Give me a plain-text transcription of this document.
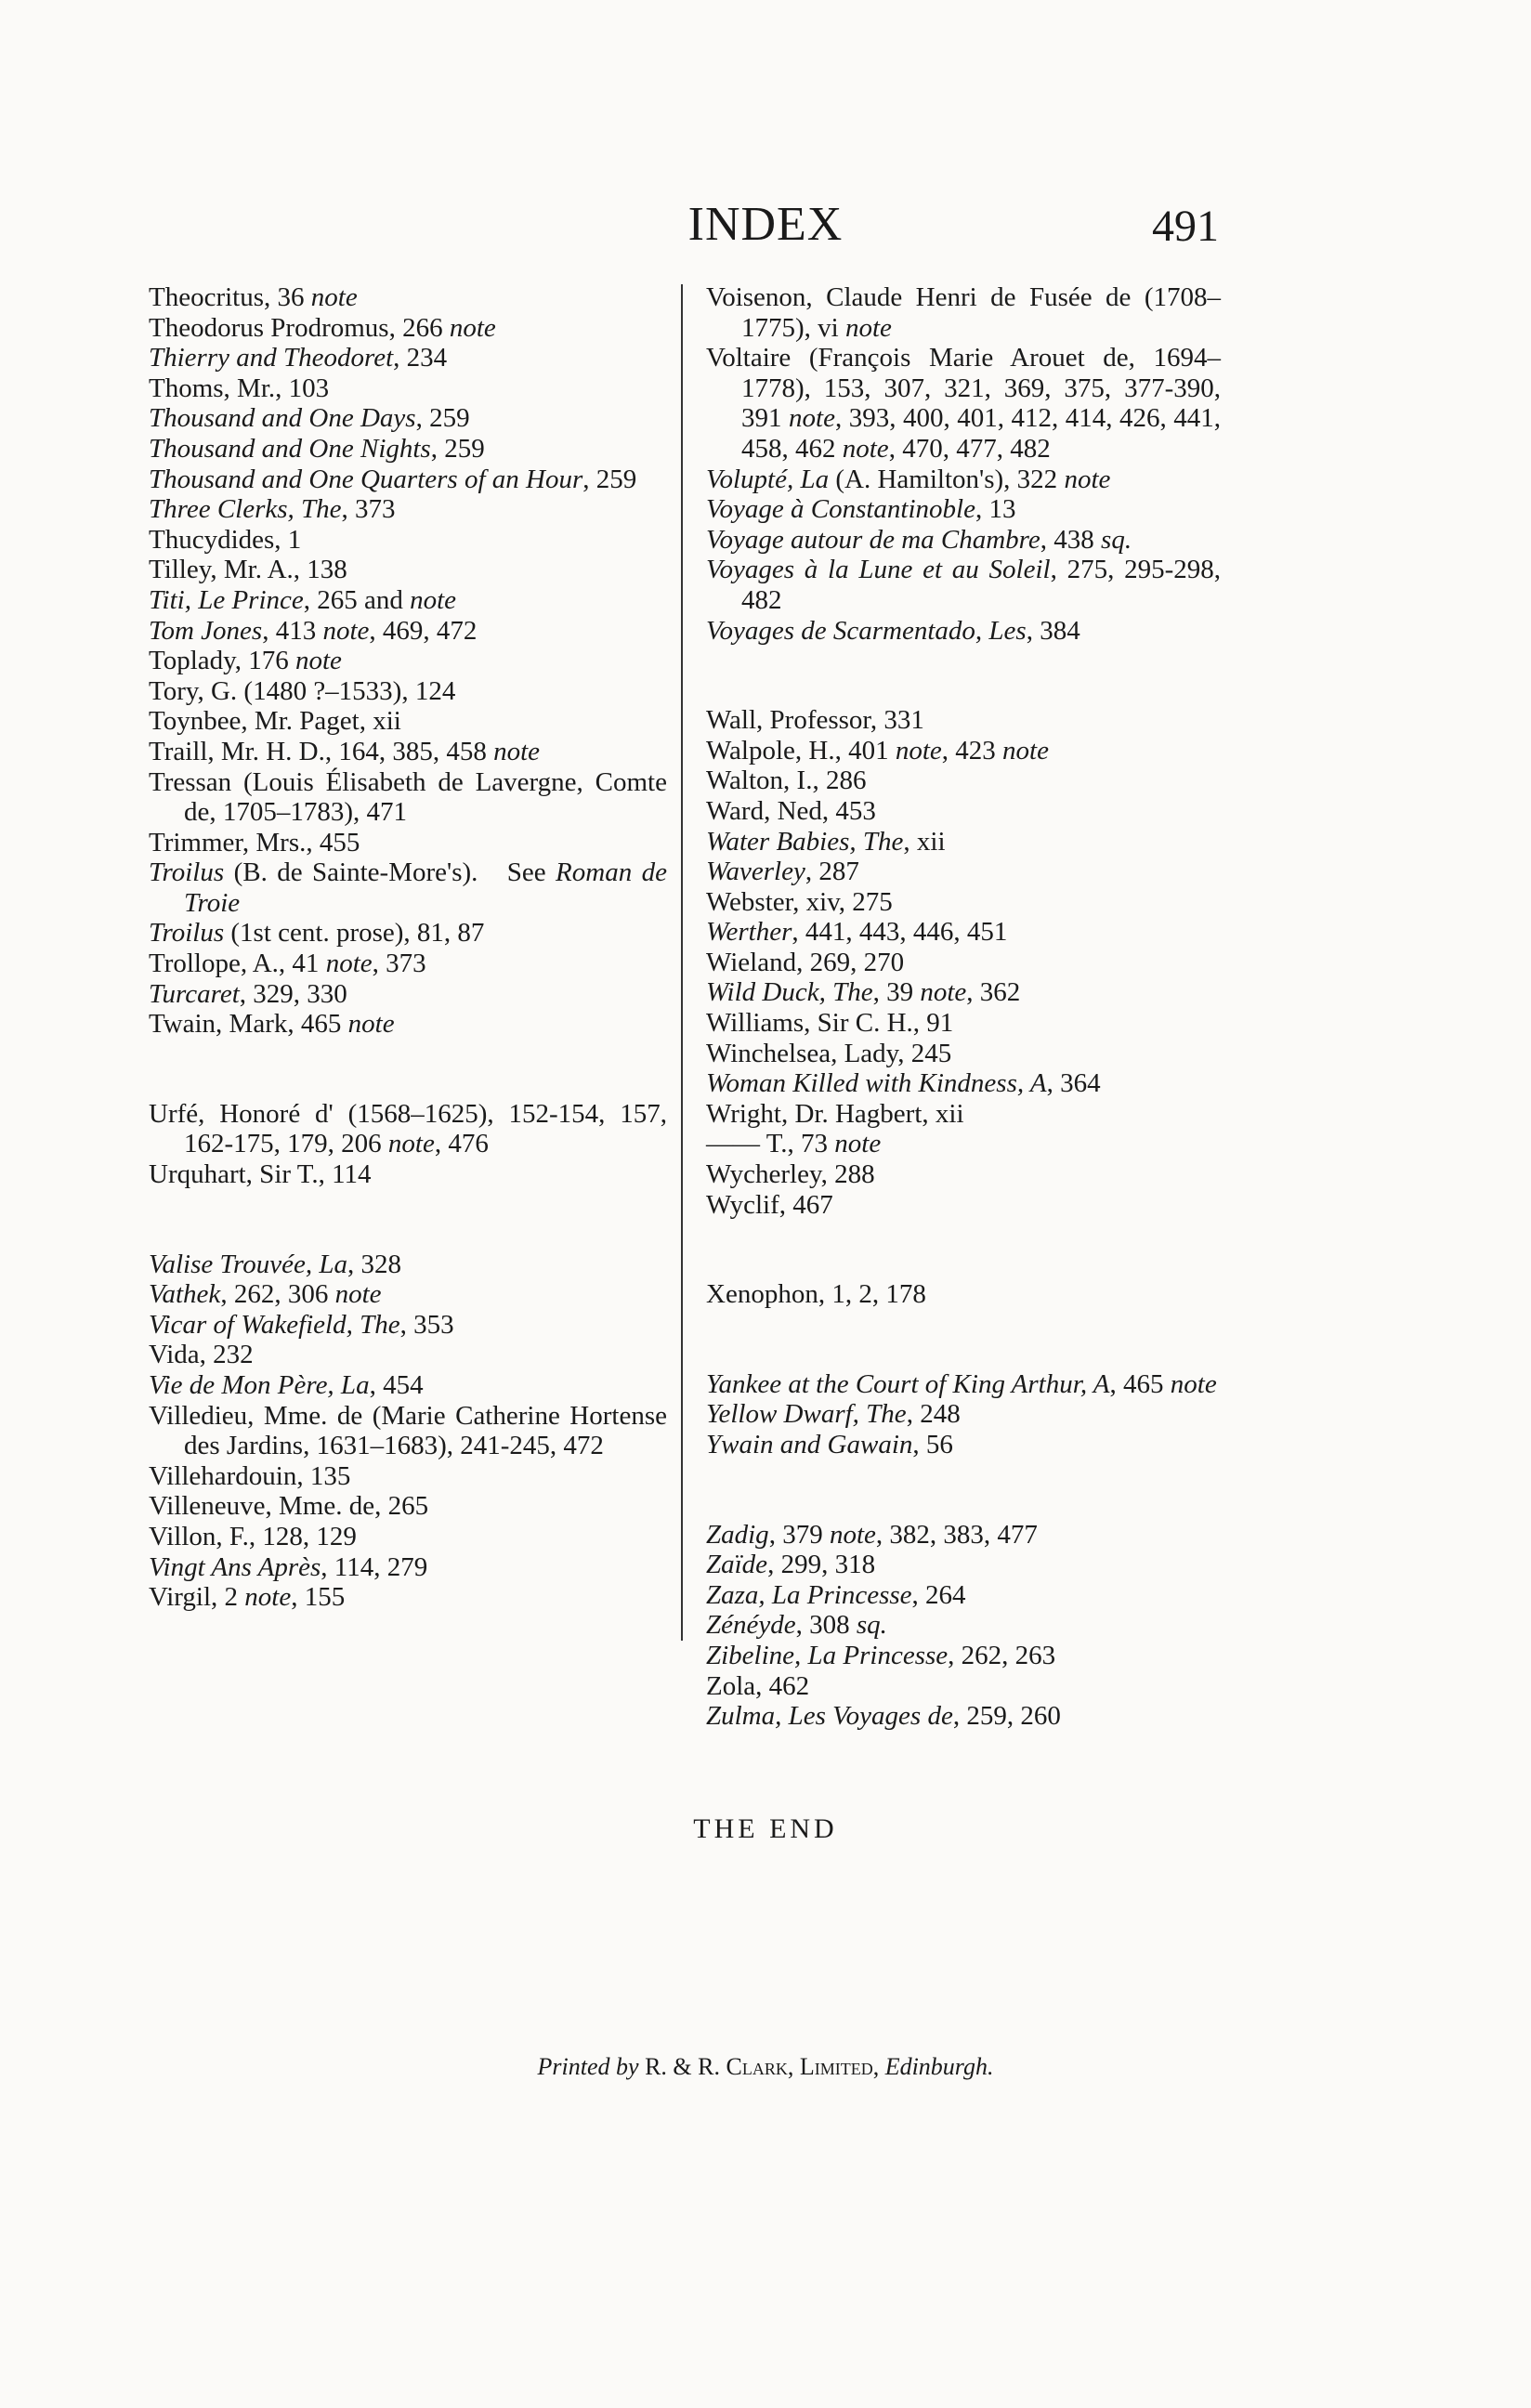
INDEX	491
Theocritus, 36 note
Theodorus Prodromus, 266 note
Thierry and Theodoret, 234
Thoms, Mr., 103
Thousand and One Days, 259
Thousand and One Nights, 259
Thousand and One Quarters of an Hour, 259
Three Clerks, The, 373
Thucydides, 1
Tilley, Mr. A., 138
Titi, Le Prince, 265 and note
Tom Jones, 413 note, 469, 472
Toplady, 176 note
Tory, G. (1480 ?–1533), 124
Toynbee, Mr. Paget, xii
Traill, Mr. H. D., 164, 385, 458 note
Tressan (Louis Élisabeth de Lavergne, Comte de, 1705–1783), 471
Trimmer, Mrs., 455
Troilus (B. de Sainte-More's).   See Roman de Troie
Troilus (1st cent. prose), 81, 87
Trollope, A., 41 note, 373
Turcaret, 329, 330
Twain, Mark, 465 note
Urfé, Honoré d' (1568–1625), 152-154, 157, 162-175, 179, 206 note, 476
Urquhart, Sir T., 114
Valise Trouvée, La, 328
Vathek, 262, 306 note
Vicar of Wakefield, The, 353
Vida, 232
Vie de Mon Père, La, 454
Villedieu, Mme. de (Marie Catherine Hortense des Jardins, 1631–1683), 241-245, 472
Villehardouin, 135
Villeneuve, Mme. de, 265
Villon, F., 128, 129
Vingt Ans Après, 114, 279
Virgil, 2 note, 155
Voisenon, Claude Henri de Fusée de (1708–1775), vi note
Voltaire (François Marie Arouet de, 1694–1778), 153, 307, 321, 369, 375, 377-390, 391 note, 393, 400, 401, 412, 414, 426, 441, 458, 462 note, 470, 477, 482
Volupté, La (A. Hamilton's), 322 note
Voyage à Constantinoble, 13
Voyage autour de ma Chambre, 438 sq.
Voyages à la Lune et au Soleil, 275, 295-298, 482
Voyages de Scarmentado, Les, 384
Wall, Professor, 331
Walpole, H., 401 note, 423 note
Walton, I., 286
Ward, Ned, 453
Water Babies, The, xii
Waverley, 287
Webster, xiv, 275
Werther, 441, 443, 446, 451
Wieland, 269, 270
Wild Duck, The, 39 note, 362
Williams, Sir C. H., 91
Winchelsea, Lady, 245
Woman Killed with Kindness, A, 364
Wright, Dr. Hagbert, xii
—— T., 73 note
Wycherley, 288
Wyclif, 467
Xenophon, 1, 2, 178
Yankee at the Court of King Arthur, A, 465 note
Yellow Dwarf, The, 248
Ywain and Gawain, 56
Zadig, 379 note, 382, 383, 477
Zaïde, 299, 318
Zaza, La Princesse, 264
Zénéyde, 308 sq.
Zibeline, La Princesse, 262, 263
Zola, 462
Zulma, Les Voyages de, 259, 260
THE END
Printed by R. & R. Clark, Limited, Edinburgh.
